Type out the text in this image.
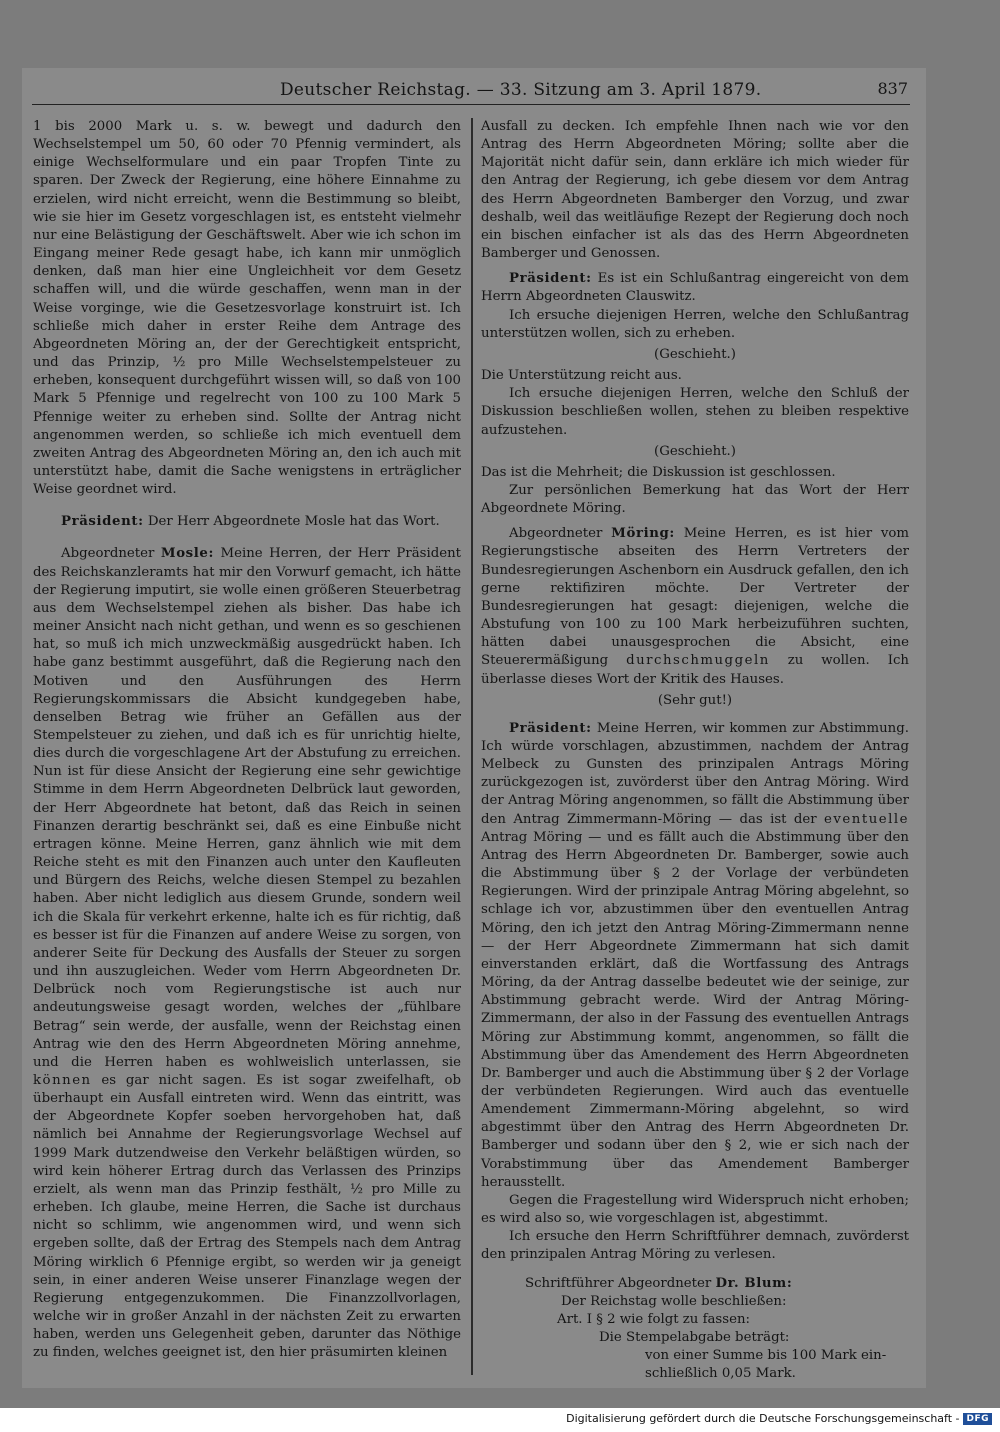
Deutscher Reichstag. — 33. Sitzung am 3. April 1879.	837

1 bis 2000 Mark u. s. w. bewegt und dadurch den Wechselstempel um 50, 60 oder 70 Pfennig vermindert, als einige Wechselformulare und ein paar Tropfen Tinte zu sparen. Der Zweck der Regierung, eine höhere Einnahme zu erzielen, wird nicht erreicht, wenn die Bestimmung so bleibt, wie sie hier im Gesetz vorgeschlagen ist, es entsteht vielmehr nur eine Belästigung der Geschäftswelt. Aber wie ich schon im Eingang meiner Rede gesagt habe, ich kann mir unmöglich denken, daß man hier eine Ungleichheit vor dem Gesetz schaffen will, und die würde geschaffen, wenn man in der Weise vorginge, wie die Gesetzesvorlage konstruirt ist. Ich schließe mich daher in erster Reihe dem Antrage des Abgeordneten Möring an, der der Gerechtigkeit entspricht, und das Prinzip, ½ pro Mille Wechselstempelsteuer zu erheben, konsequent durchgeführt wissen will, so daß von 100 Mark 5 Pfennige und regelrecht von 100 zu 100 Mark 5 Pfennige weiter zu erheben sind. Sollte der Antrag nicht angenommen werden, so schließe ich mich eventuell dem zweiten Antrag des Abgeordneten Möring an, den ich auch mit unterstützt habe, damit die Sache wenigstens in erträglicher Weise geordnet wird.

Präsident: Der Herr Abgeordnete Mosle hat das Wort.

Abgeordneter Mosle: Meine Herren, der Herr Präsident des Reichskanzleramts hat mir den Vorwurf gemacht, ich hätte der Regierung imputirt, sie wolle einen größeren Steuerbetrag aus dem Wechselstempel ziehen als bisher. Das habe ich meiner Ansicht nach nicht gethan, und wenn es so geschienen hat, so muß ich mich unzweckmäßig ausgedrückt haben. Ich habe ganz bestimmt ausgeführt, daß die Regierung nach den Motiven und den Ausführungen des Herrn Regierungskommissars die Absicht kundgegeben habe, denselben Betrag wie früher an Gefällen aus der Stempelsteuer zu ziehen, und daß ich es für unrichtig hielte, dies durch die vorgeschlagene Art der Abstufung zu erreichen. Nun ist für diese Ansicht der Regierung eine sehr gewichtige Stimme in dem Herrn Abgeordneten Delbrück laut geworden, der Herr Abgeordnete hat betont, daß das Reich in seinen Finanzen derartig beschränkt sei, daß es eine Einbuße nicht ertragen könne. Meine Herren, ganz ähnlich wie mit dem Reiche steht es mit den Finanzen auch unter den Kaufleuten und Bürgern des Reichs, welche diesen Stempel zu bezahlen haben. Aber nicht lediglich aus diesem Grunde, sondern weil ich die Skala für verkehrt erkenne, halte ich es für richtig, daß es besser ist für die Finanzen auf andere Weise zu sorgen, von anderer Seite für Deckung des Ausfalls der Steuer zu sorgen und ihn auszugleichen. Weder vom Herrn Abgeordneten Dr. Delbrück noch vom Regierungstische ist auch nur andeutungsweise gesagt worden, welches der „fühlbare Betrag“ sein werde, der ausfalle, wenn der Reichstag einen Antrag wie den des Herrn Abgeordneten Möring annehme, und die Herren haben es wohlweislich unterlassen, sie können es gar nicht sagen. Es ist sogar zweifelhaft, ob überhaupt ein Ausfall eintreten wird. Wenn das eintritt, was der Abgeordnete Kopfer soeben hervorgehoben hat, daß nämlich bei Annahme der Regierungsvorlage Wechsel auf 1999 Mark dutzendweise den Verkehr beläßtigen würden, so wird kein höherer Ertrag durch das Verlassen des Prinzips erzielt, als wenn man das Prinzip festhält, ½ pro Mille zu erheben. Ich glaube, meine Herren, die Sache ist durchaus nicht so schlimm, wie angenommen wird, und wenn sich ergeben sollte, daß der Ertrag des Stempels nach dem Antrag Möring wirklich 6 Pfennige ergibt, so werden wir ja geneigt sein, in einer anderen Weise unserer Finanzlage wegen der Regierung entgegenzukommen. Die Finanzzollvorlagen, welche wir in großer Anzahl in der nächsten Zeit zu erwarten haben, werden uns Gelegenheit geben, darunter das Nöthige zu finden, welches geeignet ist, den hier präsumirten kleinen

Ausfall zu decken. Ich empfehle Ihnen nach wie vor den Antrag des Herrn Abgeordneten Möring; sollte aber die Majorität nicht dafür sein, dann erkläre ich mich wieder für den Antrag der Regierung, ich gebe diesem vor dem Antrag des Herrn Abgeordneten Bamberger den Vorzug, und zwar deshalb, weil das weitläufige Rezept der Regierung doch noch ein bischen einfacher ist als das des Herrn Abgeordneten Bamberger und Genossen.

Präsident: Es ist ein Schlußantrag eingereicht von dem Herrn Abgeordneten Clauswitz.

Ich ersuche diejenigen Herren, welche den Schlußantrag unterstützen wollen, sich zu erheben.

(Geschieht.)

Die Unterstützung reicht aus.

Ich ersuche diejenigen Herren, welche den Schluß der Diskussion beschließen wollen, stehen zu bleiben respektive aufzustehen.

(Geschieht.)

Das ist die Mehrheit; die Diskussion ist geschlossen.

Zur persönlichen Bemerkung hat das Wort der Herr Abgeordnete Möring.

Abgeordneter Möring: Meine Herren, es ist hier vom Regierungstische abseiten des Herrn Vertreters der Bundesregierungen Aschenborn ein Ausdruck gefallen, den ich gerne rektifiziren möchte. Der Vertreter der Bundesregierungen hat gesagt: diejenigen, welche die Abstufung von 100 zu 100 Mark herbeizuführen suchten, hätten dabei unausgesprochen die Absicht, eine Steuerermäßigung durchschmuggeln zu wollen. Ich überlasse dieses Wort der Kritik des Hauses.

(Sehr gut!)

Präsident: Meine Herren, wir kommen zur Abstimmung. Ich würde vorschlagen, abzustimmen, nachdem der Antrag Melbeck zu Gunsten des prinzipalen Antrags Möring zurückgezogen ist, zuvörderst über den Antrag Möring. Wird der Antrag Möring angenommen, so fällt die Abstimmung über den Antrag Zimmermann-Möring — das ist der eventuelle Antrag Möring — und es fällt auch die Abstimmung über den Antrag des Herrn Abgeordneten Dr. Bamberger, sowie auch die Abstimmung über § 2 der Vorlage der verbündeten Regierungen. Wird der prinzipale Antrag Möring abgelehnt, so schlage ich vor, abzustimmen über den eventuellen Antrag Möring, den ich jetzt den Antrag Möring-Zimmermann nenne — der Herr Abgeordnete Zimmermann hat sich damit einverstanden erklärt, daß die Wortfassung des Antrags Möring, da der Antrag dasselbe bedeutet wie der seinige, zur Abstimmung gebracht werde. Wird der Antrag Möring-Zimmermann, der also in der Fassung des eventuellen Antrags Möring zur Abstimmung kommt, angenommen, so fällt die Abstimmung über das Amendement des Herrn Abgeordneten Dr. Bamberger und auch die Abstimmung über § 2 der Vorlage der verbündeten Regierungen. Wird auch das eventuelle Amendement Zimmermann-Möring abgelehnt, so wird abgestimmt über den Antrag des Herrn Abgeordneten Dr. Bamberger und sodann über den § 2, wie er sich nach der Vorabstimmung über das Amendement Bamberger herausstellt.

Gegen die Fragestellung wird Widerspruch nicht erhoben; es wird also so, wie vorgeschlagen ist, abgestimmt.

Ich ersuche den Herrn Schriftführer demnach, zuvörderst den prinzipalen Antrag Möring zu verlesen.

Schriftführer Abgeordneter Dr. Blum:
Der Reichstag wolle beschließen:
Art. I § 2 wie folgt zu fassen:
Die Stempelabgabe beträgt:
von einer Summe bis 100 Mark ein-
schließlich 0,05 Mark.
Digitalisierung gefördert durch die Deutsche Forschungsgemeinschaft - DFG
